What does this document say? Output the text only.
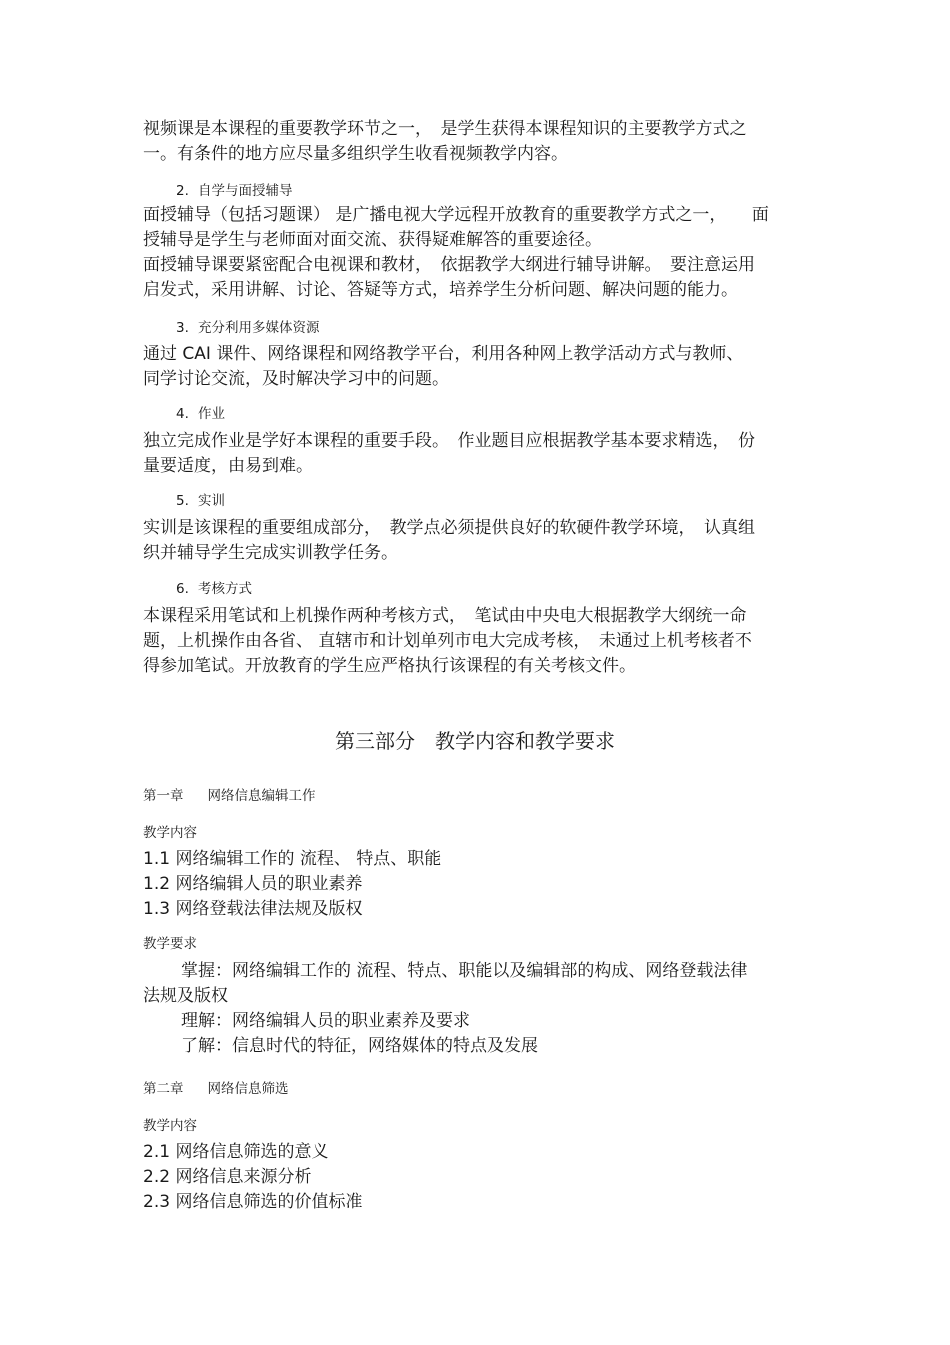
视频课是本课程的重要教学环节之一，　是学生获得本课程知识的主要教学方式之
一。有条件的地方应尽量多组织学生收看视频教学内容。

2. 自学与面授辅导

面授辅导（包括习题课） 是广播电视大学远程开放教育的重要教学方式之一，　　面
授辅导是学生与老师面对面交流、获得疑难解答的重要途径。
面授辅导课要紧密配合电视课和教材，　依据教学大纲进行辅导讲解。　要注意运用
启发式，采用讲解、讨论、答疑等方式，培养学生分析问题、解决问题的能力。

3. 充分利用多媒体资源

通过 CAI 课件、网络课程和网络教学平台，利用各种网上教学活动方式与教师、
同学讨论交流，及时解决学习中的问题。

4. 作业

独立完成作业是学好本课程的重要手段。　作业题目应根据教学基本要求精选，　份
量要适度，由易到难。

5. 实训

实训是该课程的重要组成部分，　教学点必须提供良好的软硬件教学环境，　认真组
织并辅导学生完成实训教学任务。

6. 考核方式

本课程采用笔试和上机操作两种考核方式，　笔试由中央电大根据教学大纲统一命
题，上机操作由各省、 直辖市和计划单列市电大完成考核，　未通过上机考核者不
得参加笔试。开放教育的学生应严格执行该课程的有关考核文件。

第三部分　教学内容和教学要求

第一章 网络信息编辑工作

教学内容

1.1 网络编辑工作的 流程、 特点、职能

1.2 网络编辑人员的职业素养

1.3 网络登载法律法规及版权

教学要求

掌握：网络编辑工作的 流程、特点、职能以及编辑部的构成、网络登载法律

法规及版权

理解：网络编辑人员的职业素养及要求

了解：信息时代的特征，网络媒体的特点及发展

第二章 网络信息筛选

教学内容

2.1 网络信息筛选的意义

2.2 网络信息来源分析

2.3 网络信息筛选的价值标准
